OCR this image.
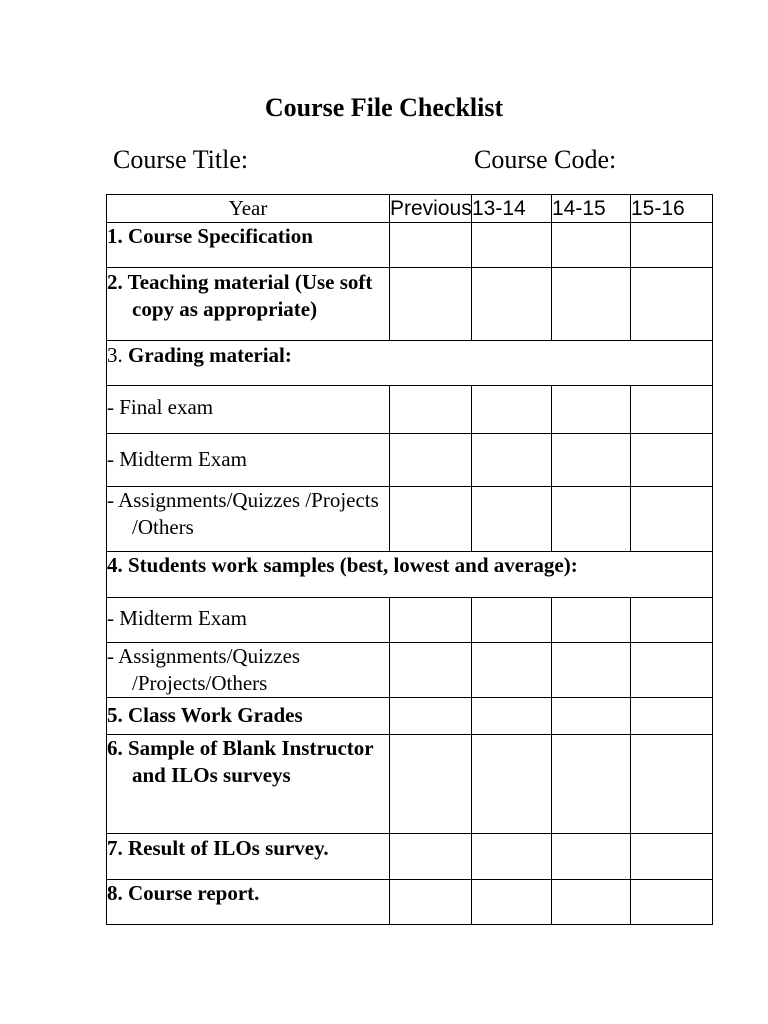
Course File Checklist
Course Title:	Course Code:
Year	Previous	13-14	14-15	15-16
1. Course Specification				

2. Teaching material (Use soft copy as appropriate)				

3. Grading material:				

- Final exam				

- Midterm Exam				

- Assignments/Quizzes /Projects /Others				

4. Students work samples (best, lowest and average):				

- Midterm Exam				

- Assignments/Quizzes /Projects/Others				

5. Class Work Grades				

6. Sample of Blank Instructor and ILOs surveys				

7. Result of ILOs survey.				
8. Course report.				
